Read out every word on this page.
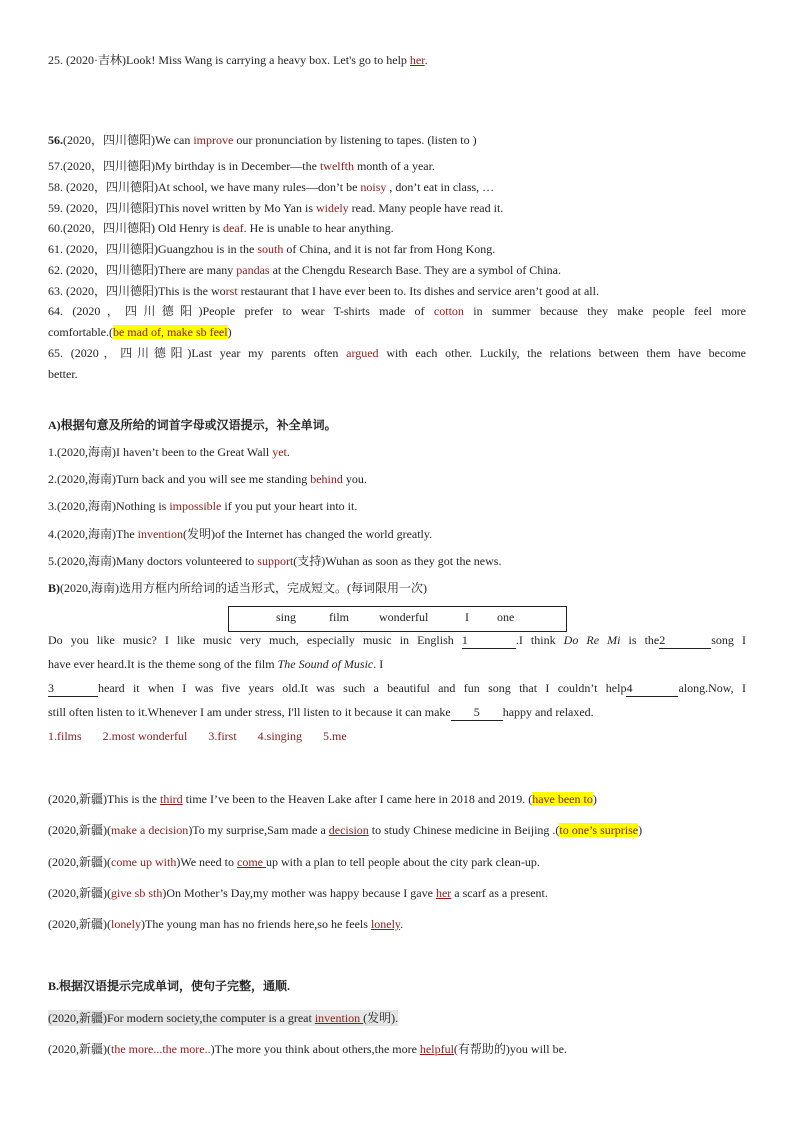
25. (2020·吉林)Look! Miss Wang is carrying a heavy box. Let's go to help her.
56.(2020，四川德阳)We can improve our pronunciation by listening to tapes. (listen to )
57.(2020，四川德阳)My birthday is in December—the twelfth month of a year.
58. (2020，四川德阳)At school, we have many rules—don’t be noisy , don’t eat in class, …
59. (2020，四川德阳)This novel written by Mo Yan is widely read. Many people have read it.
60.(2020，四川德阳) Old Henry is deaf. He is unable to hear anything.
61. (2020，四川德阳)Guangzhou is in the south of China, and it is not far from Hong Kong.
62. (2020，四川德阳)There are many pandas at the Chengdu Research Base. They are a symbol of China.
63. (2020，四川德阳)This is the worst restaurant that I have ever been to. Its dishes and service aren’t good at all.
64. (2020，四川德阳)People prefer to wear T-shirts made of cotton in summer because they make people feel more
comfortable.(be mad of, make sb feel)
65. (2020，四川德阳)Last year my parents often argued with each other. Luckily, the relations between them have become
better.
A)根据句意及所给的词首字母或汉语提示，补全单词。
1.(2020,海南)I haven’t been to the Great Wall yet.
2.(2020,海南)Turn back and you will see me standing behind you.
3.(2020,海南)Nothing is impossible if you put your heart into it.
4.(2020,海南)The invention(发明)of the Internet has changed the world greatly.
5.(2020,海南)Many doctors volunteered to support(支持)Wuhan as soon as they got the news.
B)(2020,海南)选用方框内所给词的适当形式，完成短文。(每词限用一次)
sing	film	wonderful	I one
Do you like music? I like music very much, especially music in English 1	.I think Do Re Mi is the2	song I
have ever heard.It is the theme song of the film The Sound of Music. I
3	heard it when I was five years old.It was such a beautiful and fun song that I couldn’t help4	along.Now, I
still often listen to it.Whenever I am under stress, I'll listen to it because it can make 5 happy and relaxed.
1.films 2.most wonderful 3.first 4.singing 5.me
(2020,新疆)This is the third time I’ve been to the Heaven Lake after I came here in 2018 and 2019. (have been to)
(2020,新疆)(make a decision)To my surprise,Sam made a decision to study Chinese medicine in Beijing .(to one’s surprise)
(2020,新疆)(come up with)We need to come up with a plan to tell people about the city park clean-up.
(2020,新疆)(give sb sth)On Mother’s Day,my mother was happy because I gave her a scarf as a present.
(2020,新疆)(lonely)The young man has no friends here,so he feels lonely.
B.根据汉语提示完成单词，使句子完整，通顺.
(2020,新疆)For modern society,the computer is a great invention (发明).
(2020,新疆)(the more...the more..)The more you think about others,the more helpful(有帮助的)you will be.
